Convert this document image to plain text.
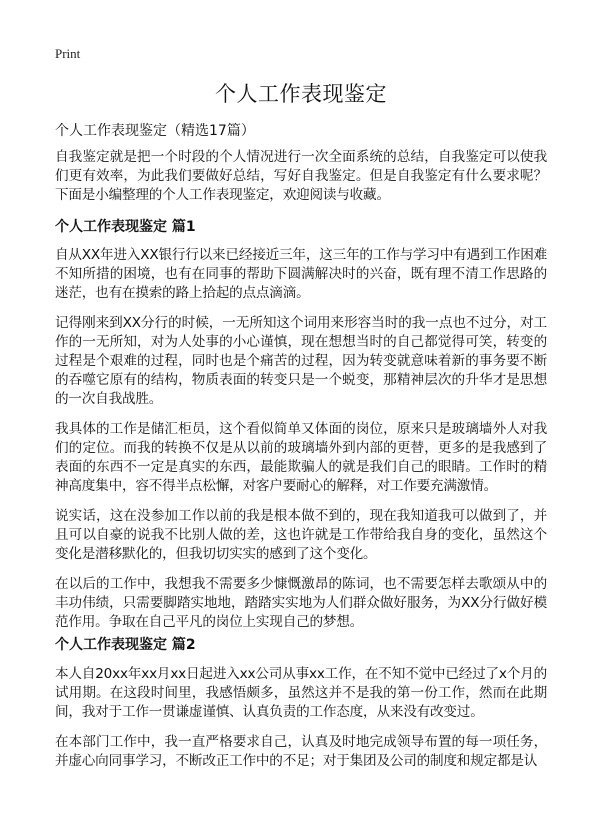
Print
个人工作表现鉴定
个人工作表现鉴定（精选17篇）

自我鉴定就是把一个时段的个人情况进行一次全面系统的总结，自我鉴定可以使我们更有效率，为此我们要做好总结，写好自我鉴定。但是自我鉴定有什么要求呢？下面是小编整理的个人工作表现鉴定，欢迎阅读与收藏。

个人工作表现鉴定 篇1

自从XX年进入XX银行行以来已经接近三年，这三年的工作与学习中有遇到工作困难不知所措的困境，也有在同事的帮助下圆满解决时的兴奋，既有理不清工作思路的迷茫，也有在摸索的路上拾起的点点滴滴。

记得刚来到XX分行的时候，一无所知这个词用来形容当时的我一点也不过分，对工作的一无所知，对为人处事的小心谨慎，现在想想当时的自己都觉得可笑，转变的过程是个艰难的过程，同时也是个痛苦的过程，因为转变就意味着新的事务要不断的吞噬它原有的结构，物质表面的转变只是一个蜕变，那精神层次的升华才是思想的一次自我战胜。

我具体的工作是储汇柜员，这个看似简单又体面的岗位，原来只是玻璃墙外人对我们的定位。而我的转换不仅是从以前的玻璃墙外到内部的更替，更多的是我感到了表面的东西不一定是真实的东西，最能欺骗人的就是我们自己的眼睛。工作时的精神高度集中，容不得半点松懈，对客户要耐心的解释，对工作要充满激情。

说实话，这在没参加工作以前的我是根本做不到的，现在我知道我可以做到了，并且可以自豪的说我不比别人做的差，这也许就是工作带给我自身的变化，虽然这个变化是潜移默化的，但我切切实实的感到了这个变化。

在以后的工作中，我想我不需要多少慷慨激昂的陈词，也不需要怎样去歌颂从中的丰功伟绩，只需要脚踏实地地，踏踏实实地为人们群众做好服务，为XX分行做好模范作用。争取在自己平凡的岗位上实现自己的梦想。

个人工作表现鉴定 篇2

本人自20xx年xx月xx日起进入xx公司从事xx工作，在不知不觉中已经过了x个月的试用期。在这段时间里，我感悟颇多，虽然这并不是我的第一份工作，然而在此期间，我对于工作一贯谦虚谨慎、认真负责的工作态度，从来没有改变过。

在本部门工作中，我一直严格要求自己，认真及时地完成领导布置的每一项任务，并虚心向同事学习，不断改正工作中的不足；对于集团及公司的制度和规定都是认
